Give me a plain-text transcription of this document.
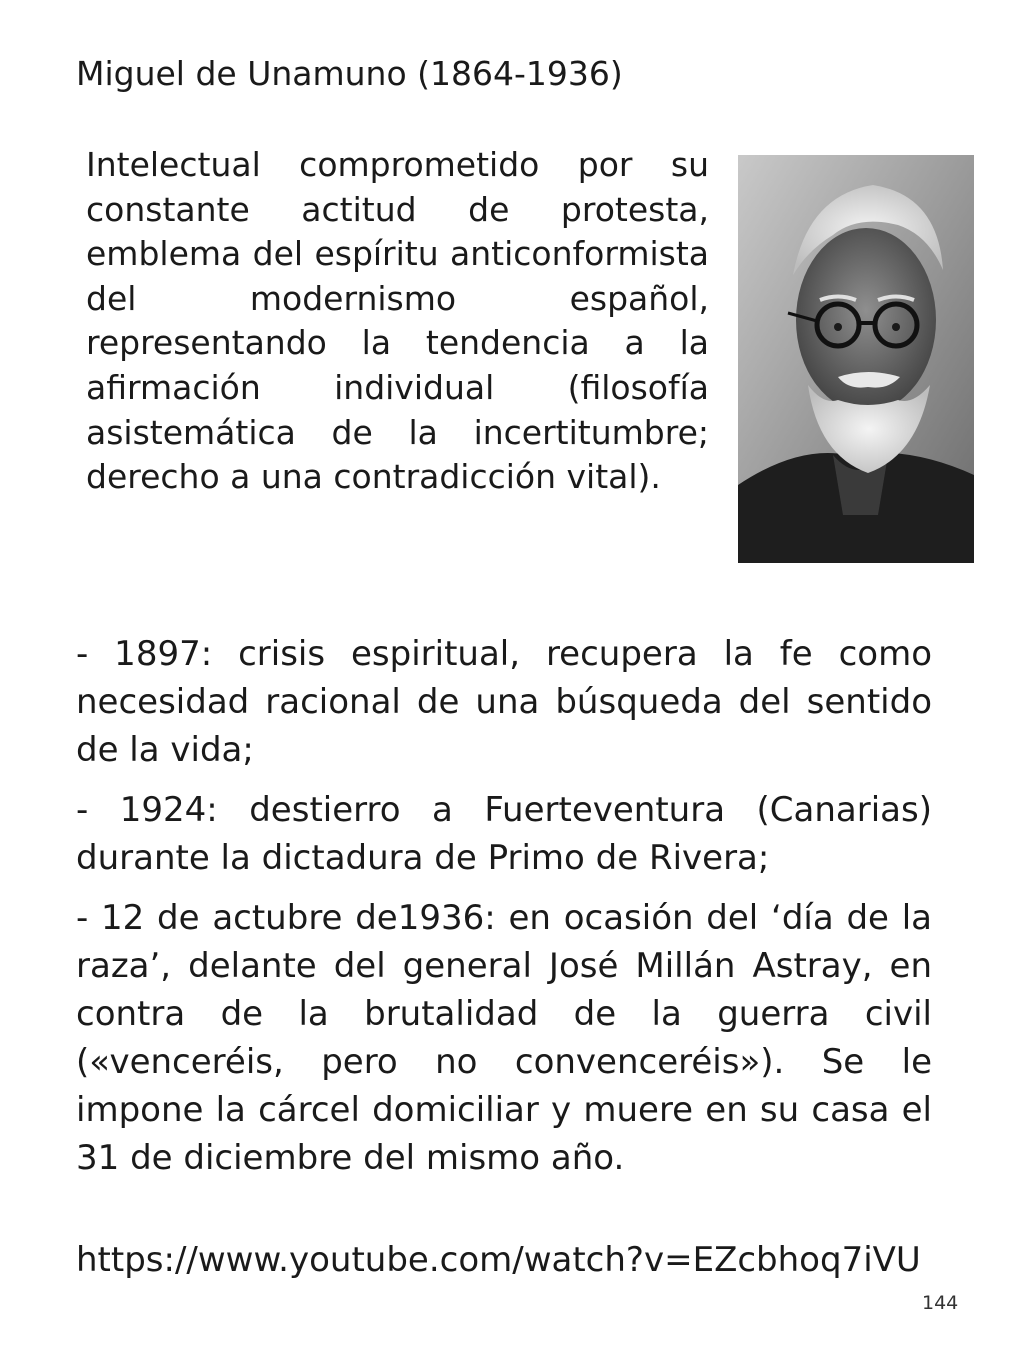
Miguel de Unamuno (1864-1936)

Intelectual comprometido por su constante actitud de protesta, emblema del espíritu anticonformista del modernismo español, representando la tendencia a la afirmación individual (filosofía asistemática de la incertitumbre; derecho a una contradicción vital).

- 1897: crisis espiritual, recupera la fe como necesidad racional de una búsqueda del sentido de la vida;

- 1924: destierro a Fuerteventura (Canarias) durante la dictadura de Primo de Rivera;

- 12 de actubre de1936: en ocasión del ‘día de la raza’, delante del general José Millán Astray, en contra de la brutalidad de la guerra civil («venceréis, pero no convenceréis»). Se le impone la cárcel domiciliar y muere en su casa el 31 de diciembre del mismo año.

https://www.youtube.com/watch?v=EZcbhoq7iVU
144
